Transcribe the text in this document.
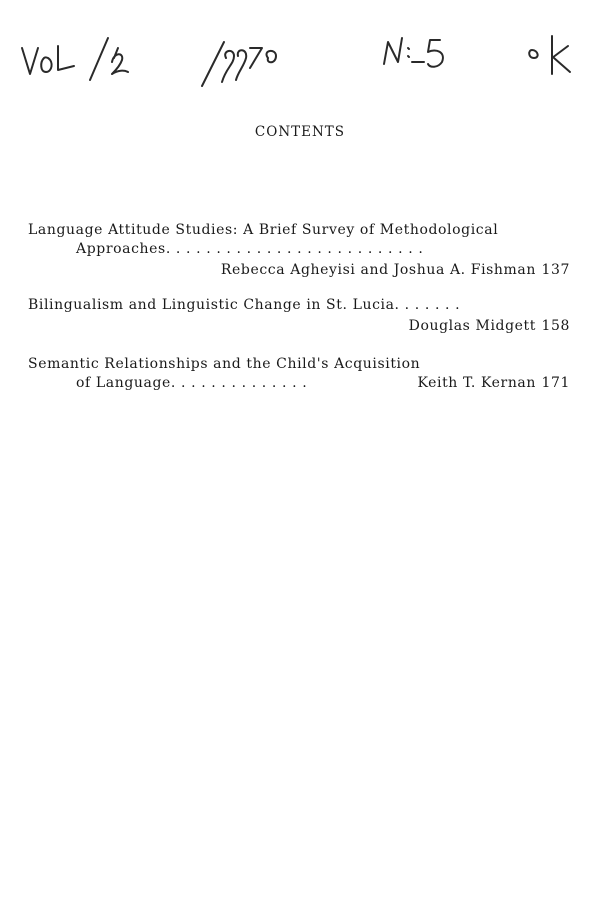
CONTENTS
Language Attitude Studies: A Brief Survey of Methodological
Approaches. . . . . . . . . . . . . . . . . . . . . . . . . .
Rebecca Agheyisi and Joshua A. Fishman 137
Bilingualism and Linguistic Change in St. Lucia. . . . . . .
Douglas Midgett 158
Semantic Relationships and the Child's Acquisition
of Language. . . . . . . . . . . . . .	Keith T. Kernan 171
